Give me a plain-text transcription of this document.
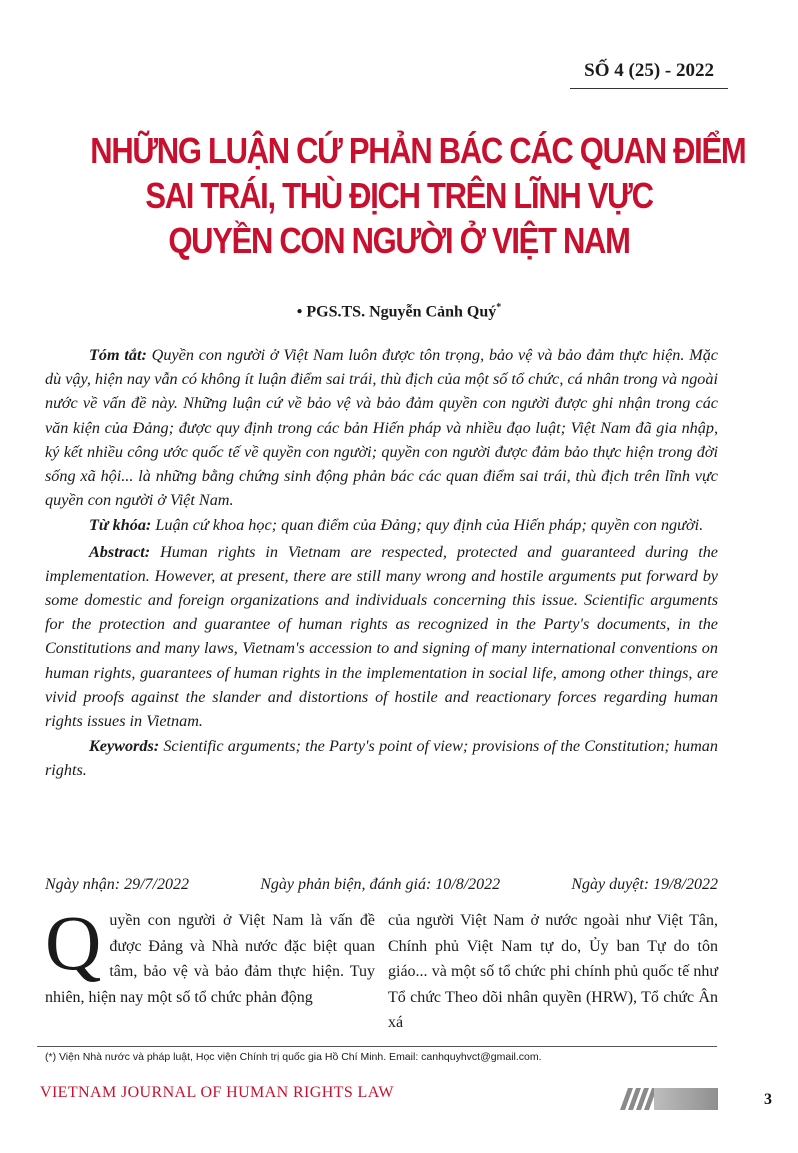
SỐ 4 (25) - 2022
NHỮNG LUẬN CỨ PHẢN BÁC CÁC QUAN ĐIỂM
SAI TRÁI, THÙ ĐỊCH TRÊN LĨNH VỰC
QUYỀN CON NGƯỜI Ở VIỆT NAM
• PGS.TS. Nguyễn Cảnh Quý*

Tóm tắt: Quyền con người ở Việt Nam luôn được tôn trọng, bảo vệ và bảo đảm thực hiện. Mặc dù vậy, hiện nay vẫn có không ít luận điểm sai trái, thù địch của một số tổ chức, cá nhân trong và ngoài nước về vấn đề này. Những luận cứ về bảo vệ và bảo đảm quyền con người được ghi nhận trong các văn kiện của Đảng; được quy định trong các bản Hiến pháp và nhiều đạo luật; Việt Nam đã gia nhập, ký kết nhiều công ước quốc tế về quyền con người; quyền con người được đảm bảo thực hiện trong đời sống xã hội... là những bằng chứng sinh động phản bác các quan điểm sai trái, thù địch trên lĩnh vực quyền con người ở Việt Nam.

Từ khóa: Luận cứ khoa học; quan điểm của Đảng; quy định của Hiến pháp; quyền con người.

Abstract: Human rights in Vietnam are respected, protected and guaranteed during the implementation. However, at present, there are still many wrong and hostile arguments put forward by some domestic and foreign organizations and individuals concerning this issue. Scientific arguments for the protection and guarantee of human rights as recognized in the Party's documents, in the Constitutions and many laws, Vietnam's accession to and signing of many international conventions on human rights, guarantees of human rights in the implementation in social life, among other things, are vivid proofs against the slander and distortions of hostile and reactionary forces regarding human rights issues in Vietnam.

Keywords: Scientific arguments; the Party's point of view; provisions of the Constitution; human rights.

Ngày nhận: 29/7/2022	Ngày phản biện, đánh giá: 10/8/2022	Ngày duyệt: 19/8/2022
Quyền con người ở Việt Nam là vấn đề được Đảng và Nhà nước đặc biệt quan tâm, bảo vệ và bảo đảm thực hiện. Tuy nhiên, hiện nay một số tổ chức phản động
của người Việt Nam ở nước ngoài như Việt Tân, Chính phủ Việt Nam tự do, Ủy ban Tự do tôn giáo... và một số tổ chức phi chính phủ quốc tế như Tổ chức Theo dõi nhân quyền (HRW), Tổ chức Ân xá
(*) Viện Nhà nước và pháp luật, Học viện Chính trị quốc gia Hồ Chí Minh. Email: canhquyhvct@gmail.com.
VIETNAM JOURNAL OF HUMAN RIGHTS LAW	3
